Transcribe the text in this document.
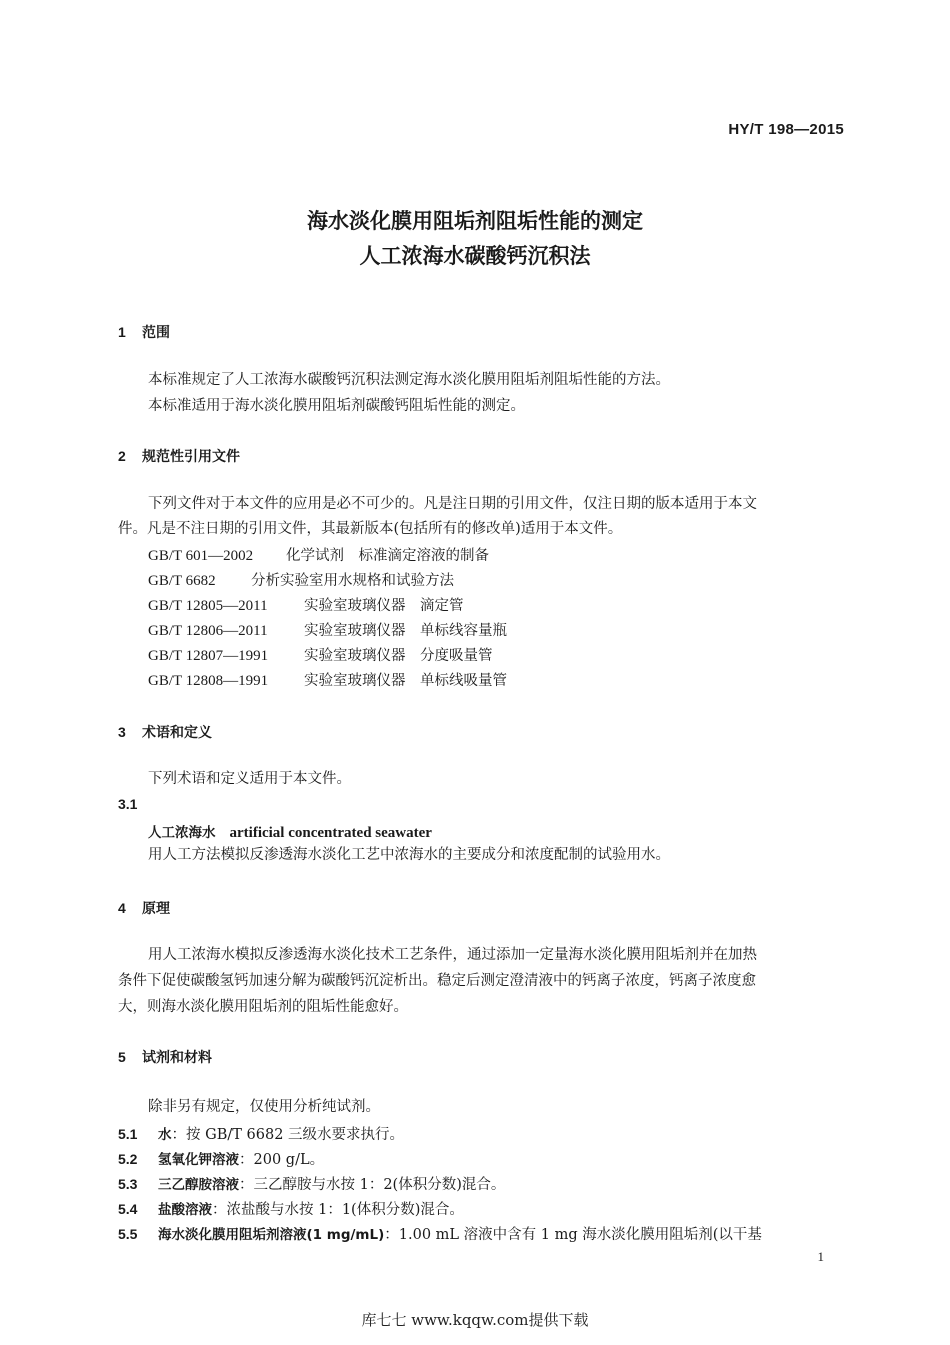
HY/T 198—2015
海水淡化膜用阻垢剂阻垢性能的测定
人工浓海水碳酸钙沉积法
1 范围
本标准规定了人工浓海水碳酸钙沉积法测定海水淡化膜用阻垢剂阻垢性能的方法。
本标准适用于海水淡化膜用阻垢剂碳酸钙阻垢性能的测定。
2 规范性引用文件
下列文件对于本文件的应用是必不可少的。凡是注日期的引用文件，仅注日期的版本适用于本文
件。凡是不注日期的引用文件，其最新版本(包括所有的修改单)适用于本文件。
GB/T 601—2002 化学试剂　标准滴定溶液的制备
GB/T 6682 分析实验室用水规格和试验方法
GB/T 12805—2011	实验室玻璃仪器　滴定管
GB/T 12806—2011	实验室玻璃仪器　单标线容量瓶
GB/T 12807—1991 实验室玻璃仪器　分度吸量管
GB/T 12808—1991 实验室玻璃仪器　单标线吸量管
3 术语和定义
下列术语和定义适用于本文件。
3.1
人工浓海水 artificial concentrated seawater
用人工方法模拟反渗透海水淡化工艺中浓海水的主要成分和浓度配制的试验用水。
4 原理
用人工浓海水模拟反渗透海水淡化技术工艺条件，通过添加一定量海水淡化膜用阻垢剂并在加热
条件下促使碳酸氢钙加速分解为碳酸钙沉淀析出。稳定后测定澄清液中的钙离子浓度，钙离子浓度愈
大，则海水淡化膜用阻垢剂的阻垢性能愈好。
5 试剂和材料
除非另有规定，仅使用分析纯试剂。
5.1 水：按 GB/T 6682 三级水要求执行。
5.2 氢氧化钾溶液：200 g/L。
5.3 三乙醇胺溶液：三乙醇胺与水按 1：2(体积分数)混合。
5.4 盐酸溶液：浓盐酸与水按 1：1(体积分数)混合。
5.5 海水淡化膜用阻垢剂溶液(1 mg/mL)：1.00 mL 溶液中含有 1 mg 海水淡化膜用阻垢剂(以干基
1
库七七 www.kqqw.com提供下载
